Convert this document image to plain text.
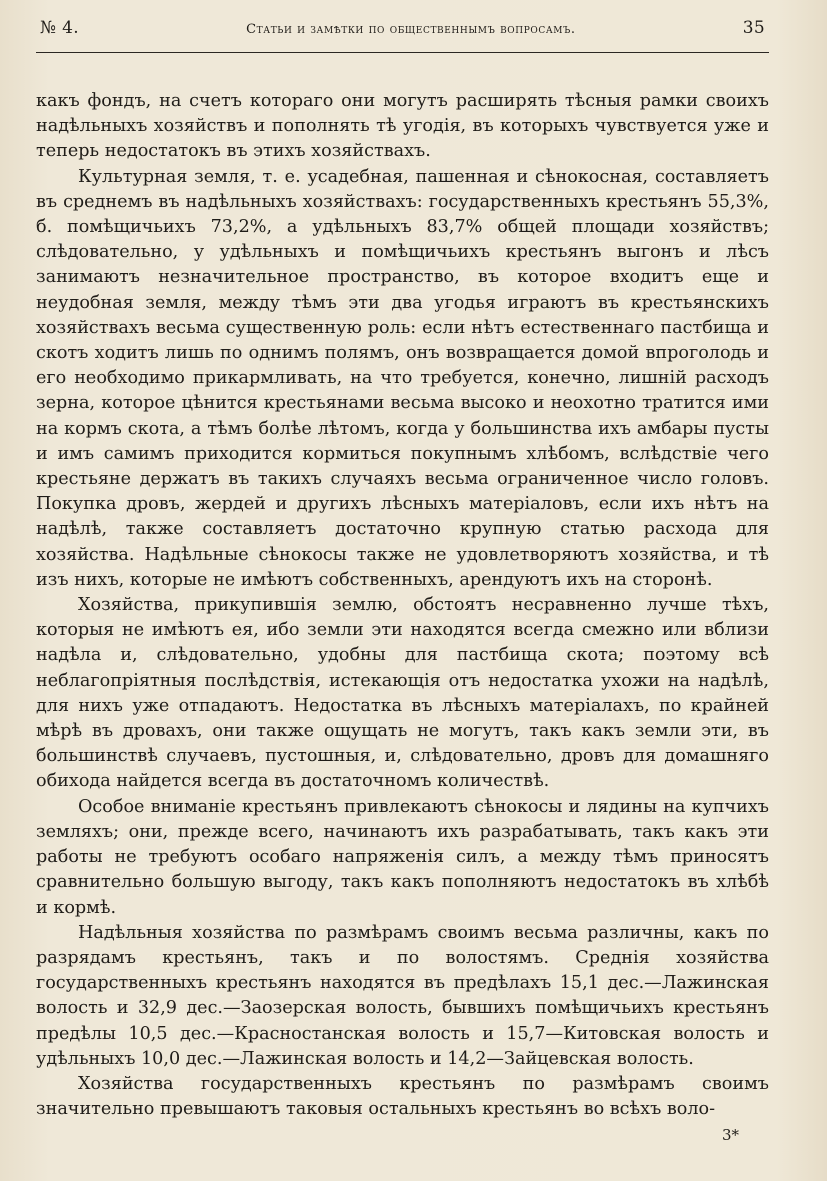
№ 4.	Статьи и замѣтки по общественнымъ вопросамъ.	35

какъ фондъ, на счетъ котораго они могутъ расширять тѣсныя рамки своихъ надѣльныхъ хозяйствъ и пополнять тѣ угодія, въ которыхъ чувствуется уже и теперь недостатокъ въ этихъ хозяйствахъ.

Культурная земля, т. е. усадебная, пашенная и сѣнокосная, составляетъ въ среднемъ въ надѣльныхъ хозяйствахъ: государственныхъ крестьянъ 55,3%, б. помѣщичьихъ 73,2%, а удѣльныхъ 83,7% общей площади хозяйствъ; слѣдовательно, у удѣльныхъ и помѣщичьихъ крестьянъ выгонъ и лѣсъ занимаютъ незначительное пространство, въ которое входитъ еще и неудобная земля, между тѣмъ эти два угодья играютъ въ крестьянскихъ хозяйствахъ весьма существенную роль: если нѣтъ естественнаго пастбища и скотъ ходитъ лишь по однимъ полямъ, онъ возвращается домой впроголодь и его необходимо прикармливать, на что требуется, конечно, лишній расходъ зерна, которое цѣнится крестьянами весьма высоко и неохотно тратится ими на кормъ скота, а тѣмъ болѣе лѣтомъ, когда у большинства ихъ амбары пусты и имъ самимъ приходится кормиться покупнымъ хлѣбомъ, вслѣдствіе чего крестьяне держатъ въ такихъ случаяхъ весьма ограниченное число головъ. Покупка дровъ, жердей и другихъ лѣсныхъ матеріаловъ, если ихъ нѣтъ на надѣлѣ, также составляетъ достаточно крупную статью расхода для хозяйства. Надѣльные сѣнокосы также не удовлетворяютъ хозяйства, и тѣ изъ нихъ, которые не имѣютъ собственныхъ, арендуютъ ихъ на сторонѣ.

Хозяйства, прикупившія землю, обстоятъ несравненно лучше тѣхъ, которыя не имѣютъ ея, ибо земли эти находятся всегда смежно или вблизи надѣла и, слѣдовательно, удобны для пастбища скота; поэтому всѣ неблагопріятныя послѣдствія, истекающія отъ недостатка ухожи на надѣлѣ, для нихъ уже отпадаютъ. Недостатка въ лѣсныхъ матеріалахъ, по крайней мѣрѣ въ дровахъ, они также ощущать не могутъ, такъ какъ земли эти, въ большинствѣ случаевъ, пустошныя, и, слѣдовательно, дровъ для домашняго обихода найдется всегда въ достаточномъ количествѣ.

Особое вниманіе крестьянъ привлекаютъ сѣнокосы и лядины на купчихъ земляхъ; они, прежде всего, начинаютъ ихъ разрабатывать, такъ какъ эти работы не требуютъ особаго напряженія силъ, а между тѣмъ приносятъ сравнительно большую выгоду, такъ какъ пополняютъ недостатокъ въ хлѣбѣ и кормѣ.

Надѣльныя хозяйства по размѣрамъ своимъ весьма различны, какъ по разрядамъ крестьянъ, такъ и по волостямъ. Среднія хозяйства государственныхъ крестьянъ находятся въ предѣлахъ 15,1 дес.—Лажинская волость и 32,9 дес.—Заозерская волость, бывшихъ помѣщичьихъ крестьянъ предѣлы 10,5 дес.—Красностанская волость и 15,7—Китовская волость и удѣльныхъ 10,0 дес.—Лажинская волость и 14,2—Зайцевская волость.

Хозяйства государственныхъ крестьянъ по размѣрамъ своимъ значительно превышаютъ таковыя остальныхъ крестьянъ во всѣхъ воло-

3*
